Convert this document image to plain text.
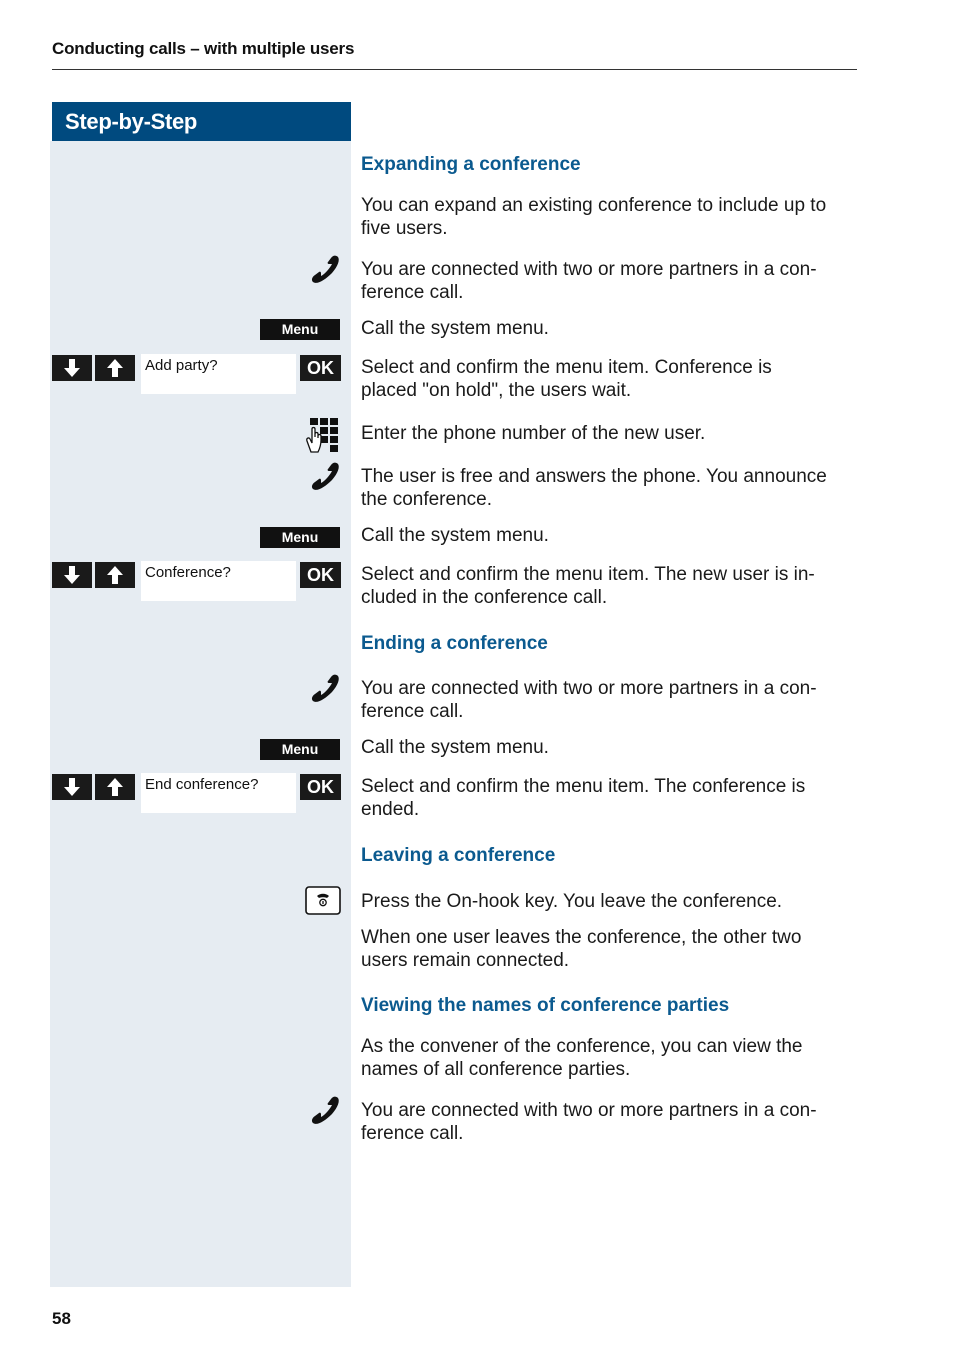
Conducting calls – with multiple users
Step-by-Step
Expanding a conference
You can expand an existing conference to include up to
five users.
You are connected with two or more partners in a con-
ference call.
Menu	Call the system menu.
Add party?	OK	Select and confirm the menu item. Conference is
placed "on hold", the users wait.
Enter the phone number of the new user.
The user is free and answers the phone. You announce
the conference.
Menu	Call the system menu.
Conference?	OK	Select and confirm the menu item. The new user is in-
cluded in the conference call.
Ending a conference
You are connected with two or more partners in a con-
ference call.
Menu	Call the system menu.
End conference?	OK	Select and confirm the menu item. The conference is
ended.
Leaving a conference
Press the On-hook key. You leave the conference.
When one user leaves the conference, the other two
users remain connected.
Viewing the names of conference parties
As the convener of the conference, you can view the
names of all conference parties.
You are connected with two or more partners in a con-
ference call.
58
